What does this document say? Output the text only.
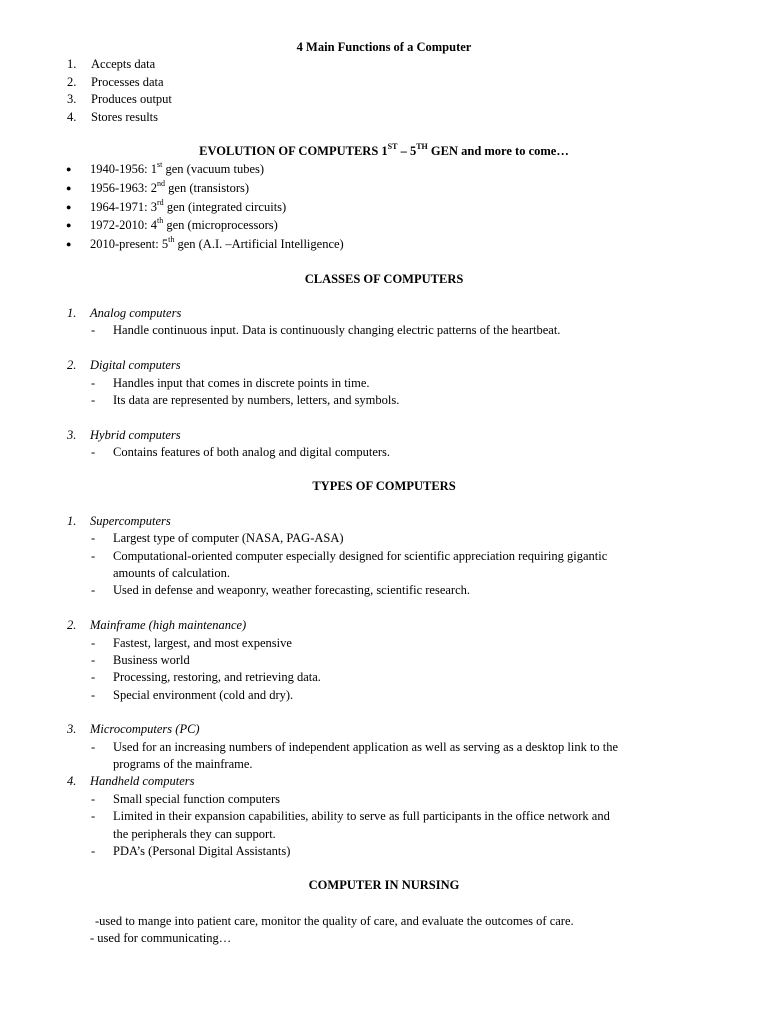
4 Main Functions of a Computer
1.	Accepts data
2.	Processes data
3.	Produces output
4.	Stores results
EVOLUTION OF COMPUTERS 1ST – 5TH GEN and more to come…
● 1940-1956: 1st gen (vacuum tubes)
● 1956-1963: 2nd gen (transistors)
● 1964-1971: 3rd gen (integrated circuits)
● 1972-2010: 4th gen (microprocessors)
● 2010-present: 5th gen (A.I. –Artificial Intelligence)
CLASSES OF COMPUTERS
1.	Analog computers
-	Handle continuous input. Data is continuously changing electric patterns of the heartbeat.
2.	Digital computers
-	Handles input that comes in discrete points in time.
-	Its data are represented by numbers, letters, and symbols.
3.	Hybrid computers
-	Contains features of both analog and digital computers.
TYPES OF COMPUTERS
1.	Supercomputers
-	Largest type of computer (NASA, PAG-ASA)
-	Computational-oriented computer especially designed for scientific appreciation requiring gigantic
amounts of calculation.
-	Used in defense and weaponry, weather forecasting, scientific research.
2.	Mainframe (high maintenance)
-	Fastest, largest, and most expensive
-	Business world
-	Processing, restoring, and retrieving data.
-	Special environment (cold and dry).
3.	Microcomputers (PC)
-	Used for an increasing numbers of independent application as well as serving as a desktop link to the
programs of the mainframe.
4.	Handheld computers
-	Small special function computers
-	Limited in their expansion capabilities, ability to serve as full participants in the office network and
the peripherals they can support.
-	PDA’s (Personal Digital Assistants)
COMPUTER IN NURSING
-used to mange into patient care, monitor the quality of care, and evaluate the outcomes of care.
- used for communicating…
